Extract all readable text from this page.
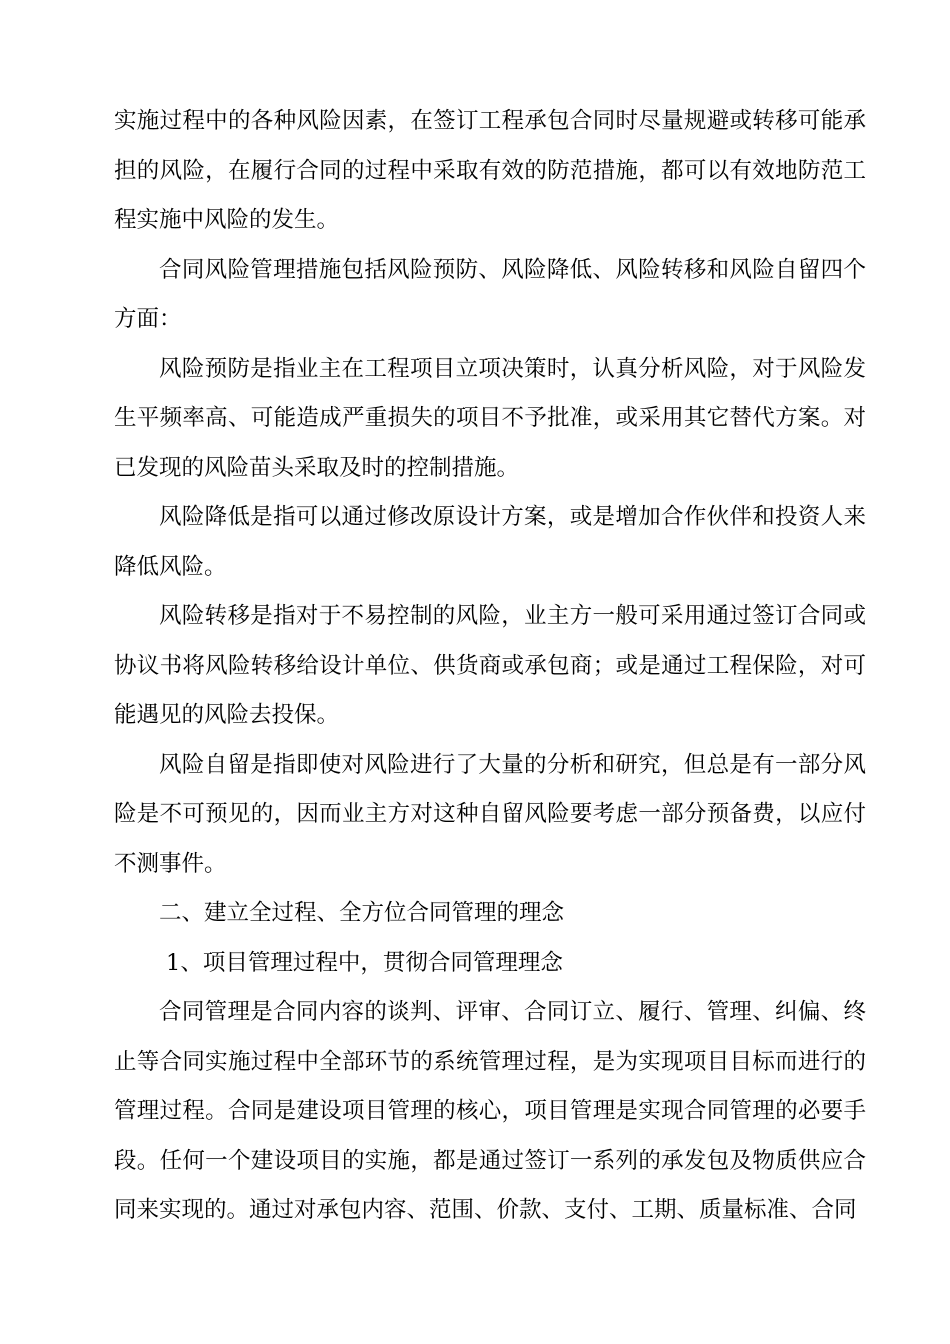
实施过程中的各种风险因素，在签订工程承包合同时尽量规避或转移可能承担的风险，在履行合同的过程中采取有效的防范措施，都可以有效地防范工程实施中风险的发生。

合同风险管理措施包括风险预防、风险降低、风险转移和风险自留四个方面：

风险预防是指业主在工程项目立项决策时，认真分析风险，对于风险发生平频率高、可能造成严重损失的项目不予批准，或采用其它替代方案。对已发现的风险苗头采取及时的控制措施。

风险降低是指可以通过修改原设计方案，或是增加合作伙伴和投资人来降低风险。

风险转移是指对于不易控制的风险，业主方一般可采用通过签订合同或协议书将风险转移给设计单位、供货商或承包商；或是通过工程保险，对可能遇见的风险去投保。

风险自留是指即使对风险进行了大量的分析和研究，但总是有一部分风险是不可预见的，因而业主方对这种自留风险要考虑一部分预备费，以应付不测事件。

二、建立全过程、全方位合同管理的理念

1、项目管理过程中，贯彻合同管理理念

合同管理是合同内容的谈判、评审、合同订立、履行、管理、纠偏、终止等合同实施过程中全部环节的系统管理过程，是为实现项目目标而进行的管理过程。合同是建设项目管理的核心，项目管理是实现合同管理的必要手段。任何一个建设项目的实施，都是通过签订一系列的承发包及物质供应合同来实现的。通过对承包内容、范围、价款、支付、工期、质量标准、合同
